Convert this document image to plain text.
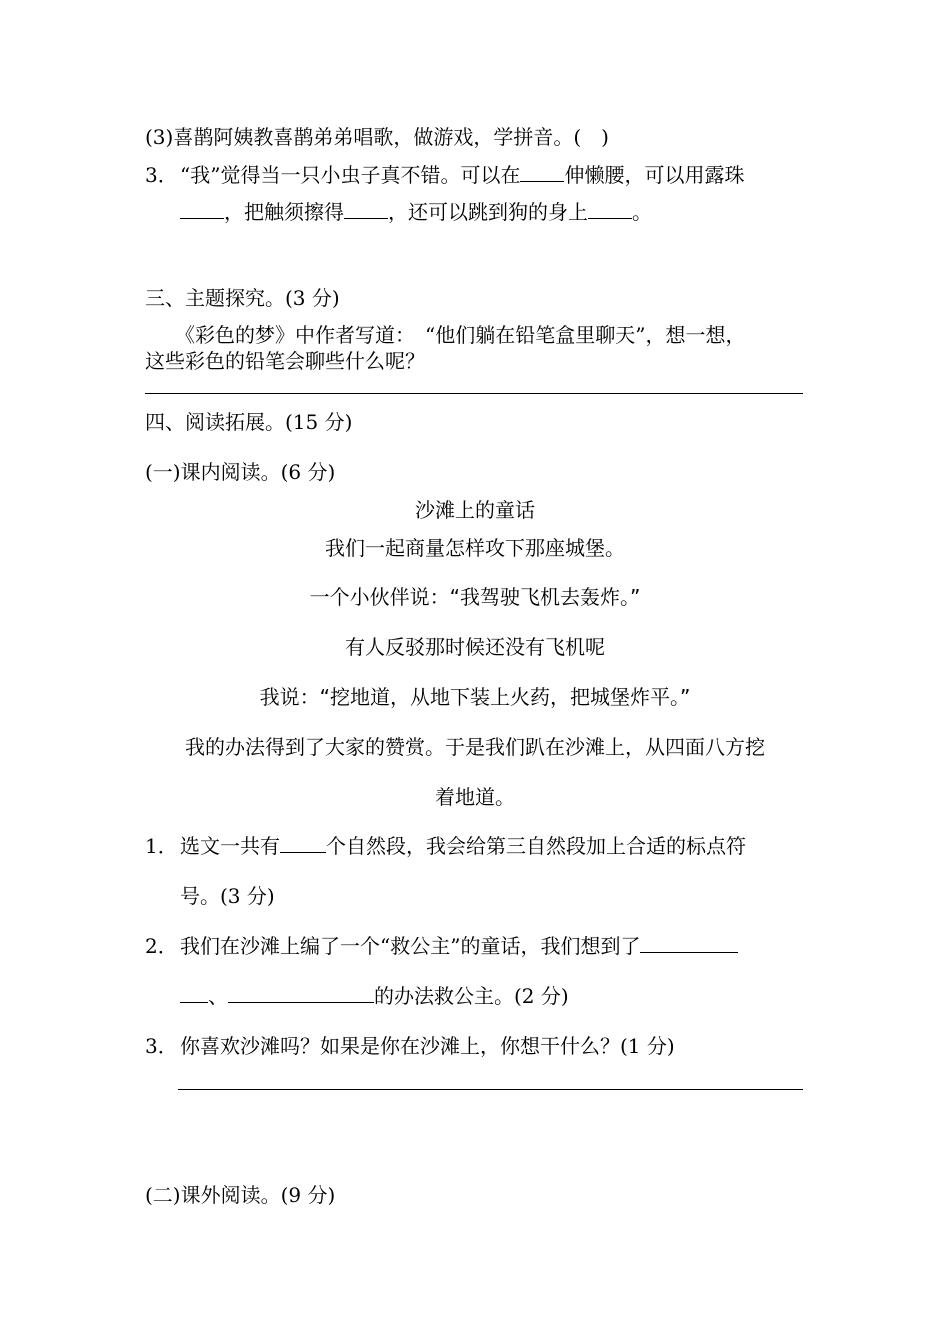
(3)喜鹊阿姨教喜鹊弟弟唱歌，做游戏，学拼音。(　)
3． “我”觉得当一只小虫子真不错。可以在 伸懒腰，可以用露珠
，把触须擦得 ，还可以跳到狗的身上 。
三、主题探究。(3 分)
《彩色的梦》中作者写道：　“他们躺在铅笔盒里聊天”，想一想，
这些彩色的铅笔会聊些什么呢？
四、阅读拓展。(15 分)
(一)课内阅读。(6 分)
沙滩上的童话
我们一起商量怎样攻下那座城堡。
一个小伙伴说：“我驾驶飞机去轰炸。”
有人反驳那时候还没有飞机呢
我说：“挖地道，从地下装上火药，把城堡炸平。”
我的办法得到了大家的赞赏。于是我们趴在沙滩上，从四面八方挖
着地道。
1． 选文一共有 个自然段，我会给第三自然段加上合适的标点符
号。(3 分)
2． 我们在沙滩上编了一个“救公主”的童话，我们想到了
、	的办法救公主。(2 分)
3． 你喜欢沙滩吗？如果是你在沙滩上，你想干什么？(1 分)
(二)课外阅读。(9 分)
